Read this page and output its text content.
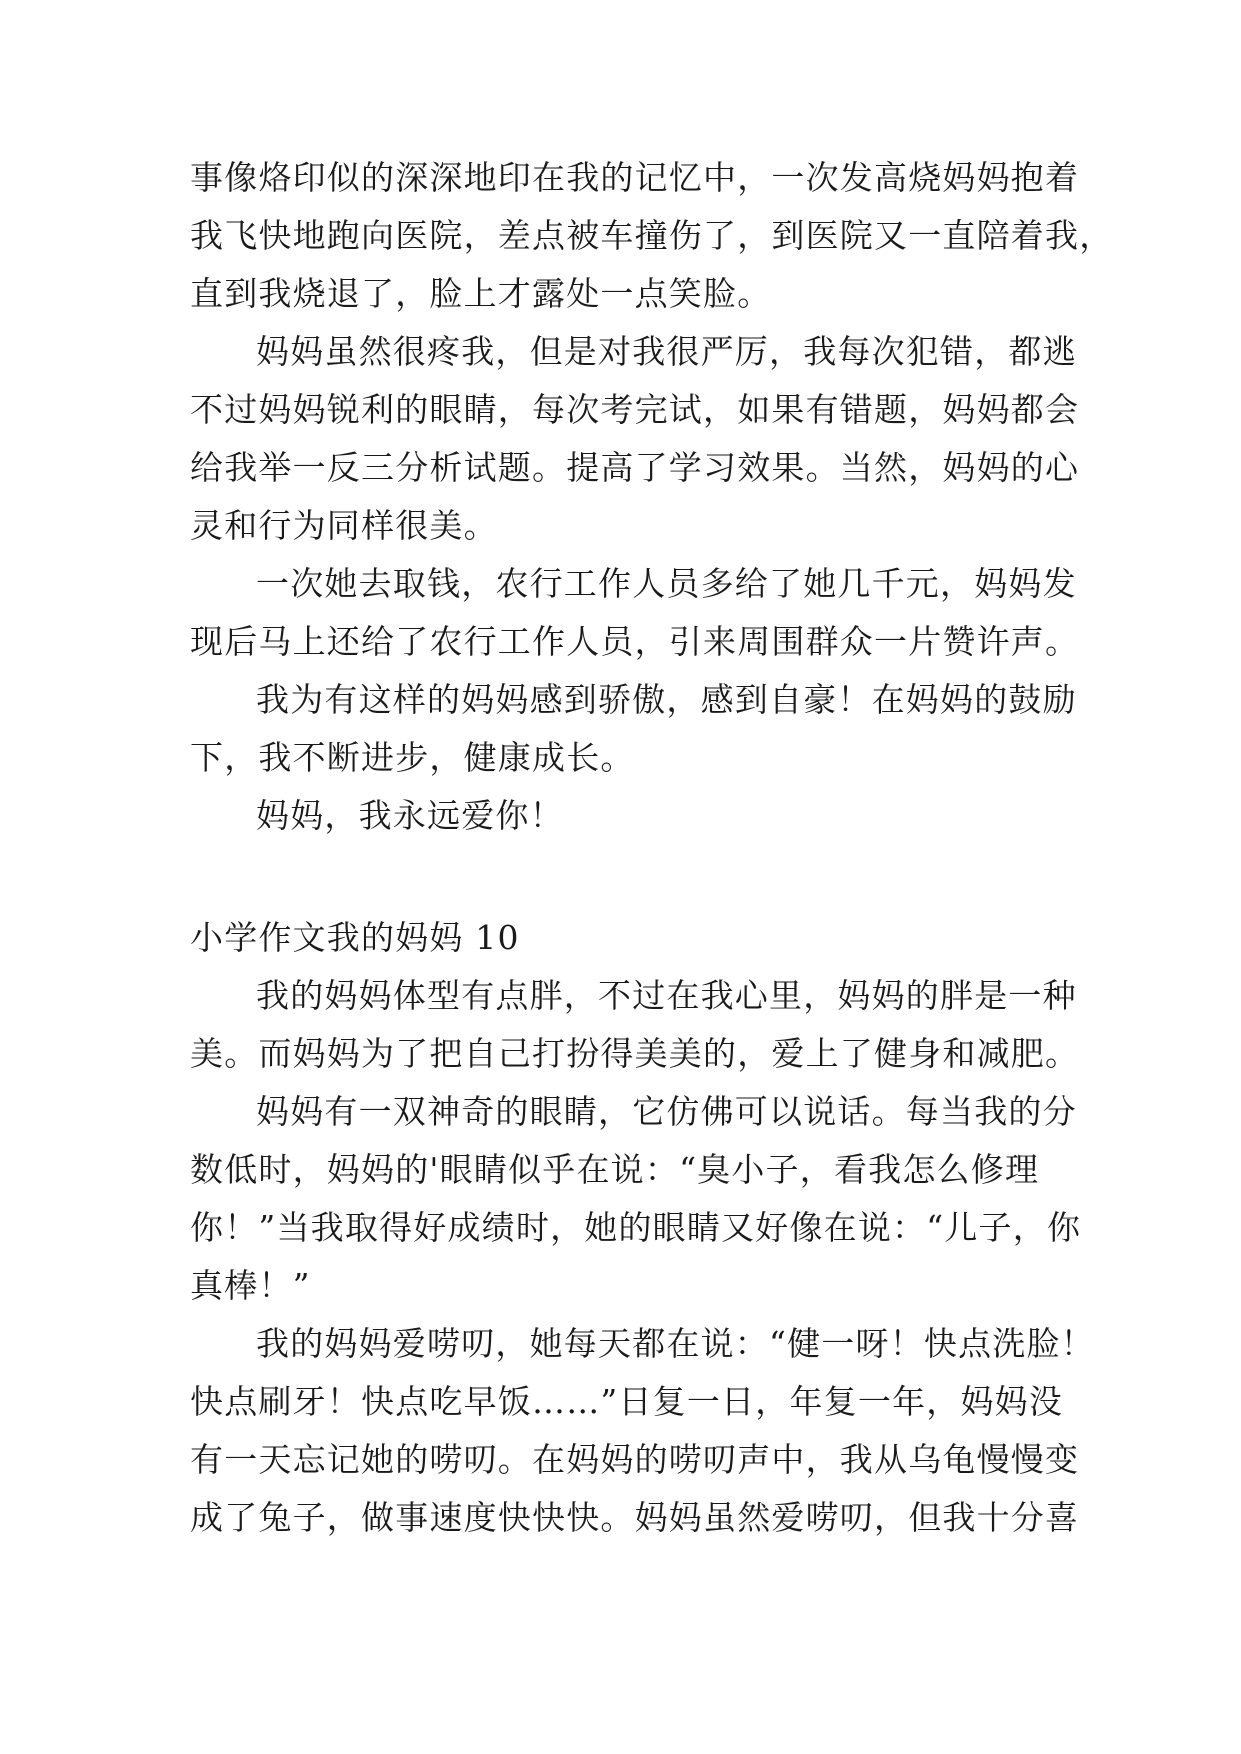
事像烙印似的深深地印在我的记忆中，一次发高烧妈妈抱着
我飞快地跑向医院，差点被车撞伤了，到医院又一直陪着我，
直到我烧退了，脸上才露处一点笑脸。
妈妈虽然很疼我，但是对我很严厉，我每次犯错，都逃
不过妈妈锐利的眼睛，每次考完试，如果有错题，妈妈都会
给我举一反三分析试题。提高了学习效果。当然，妈妈的心
灵和行为同样很美。
一次她去取钱，农行工作人员多给了她几千元，妈妈发
现后马上还给了农行工作人员，引来周围群众一片赞许声。
我为有这样的妈妈感到骄傲，感到自豪！在妈妈的鼓励
下，我不断进步，健康成长。
妈妈，我永远爱你！
小学作文我的妈妈 10
我的妈妈体型有点胖，不过在我心里，妈妈的胖是一种
美。而妈妈为了把自己打扮得美美的，爱上了健身和减肥。
妈妈有一双神奇的眼睛，它仿佛可以说话。每当我的分
数低时，妈妈的'眼睛似乎在说：“臭小子，看我怎么修理
你！”当我取得好成绩时，她的眼睛又好像在说：“儿子，你
真棒！”
我的妈妈爱唠叨，她每天都在说：“健一呀！快点洗脸！
快点刷牙！快点吃早饭……”日复一日，年复一年，妈妈没
有一天忘记她的唠叨。在妈妈的唠叨声中，我从乌龟慢慢变
成了兔子，做事速度快快快。妈妈虽然爱唠叨，但我十分喜
